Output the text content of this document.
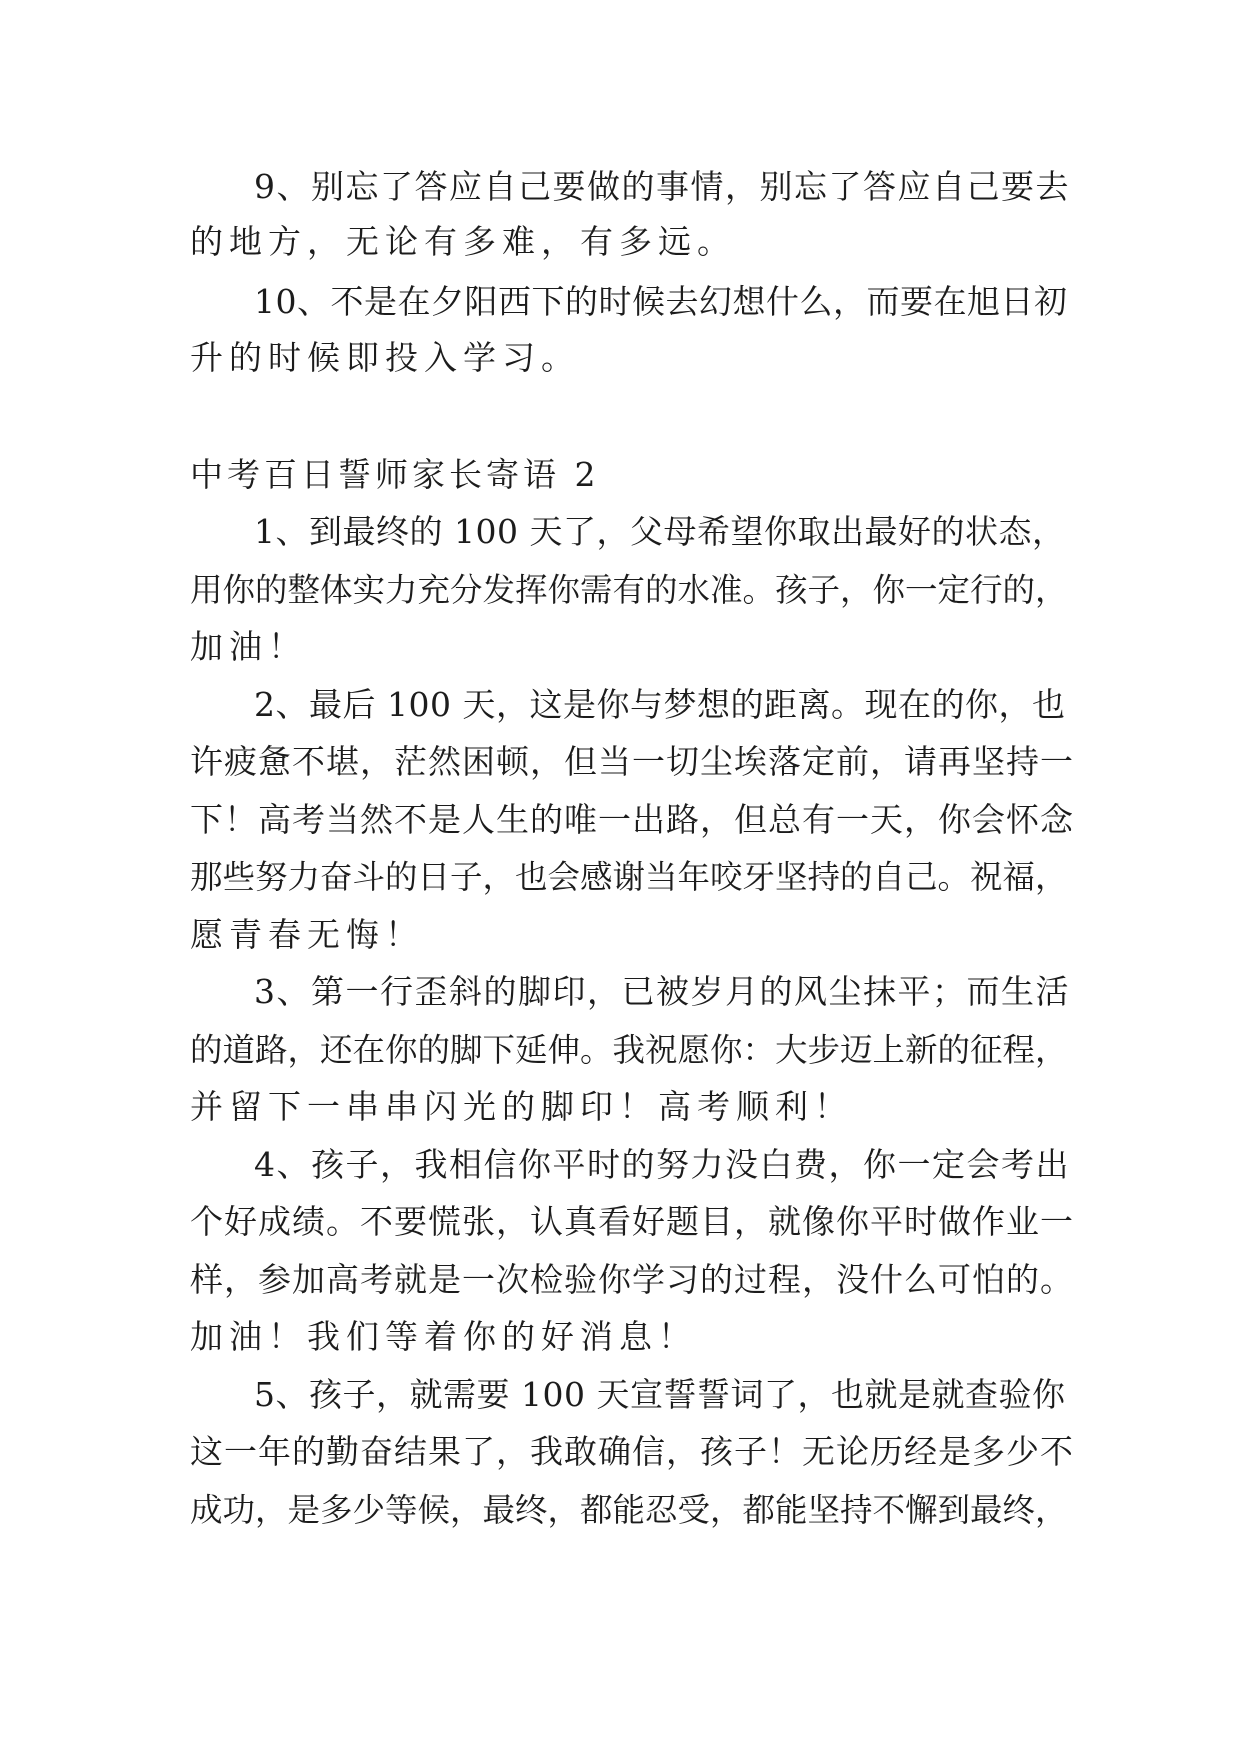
9、别忘了答应自己要做的事情，别忘了答应自己要去
的地方，无论有多难，有多远。
10、不是在夕阳西下的时候去幻想什么，而要在旭日初
升的时候即投入学习。
中考百日誓师家长寄语 2
1、到最终的 100 天了，父母希望你取出最好的状态，
用你的整体实力充分发挥你需有的水准。孩子，你一定行的，
加油！
2、最后 100 天，这是你与梦想的距离。现在的你，也
许疲惫不堪，茫然困顿，但当一切尘埃落定前，请再坚持一
下！高考当然不是人生的唯一出路，但总有一天，你会怀念
那些努力奋斗的日子，也会感谢当年咬牙坚持的自己。祝福，
愿青春无悔！
3、第一行歪斜的脚印，已被岁月的风尘抹平；而生活
的道路，还在你的脚下延伸。我祝愿你：大步迈上新的征程，
并留下一串串闪光的脚印！高考顺利！
4、孩子，我相信你平时的努力没白费，你一定会考出
个好成绩。不要慌张，认真看好题目，就像你平时做作业一
样，参加高考就是一次检验你学习的过程，没什么可怕的。
加油！我们等着你的好消息！
5、孩子，就需要 100 天宣誓誓词了，也就是就查验你
这一年的勤奋结果了，我敢确信，孩子！无论历经是多少不
成功，是多少等候，最终，都能忍受，都能坚持不懈到最终，
